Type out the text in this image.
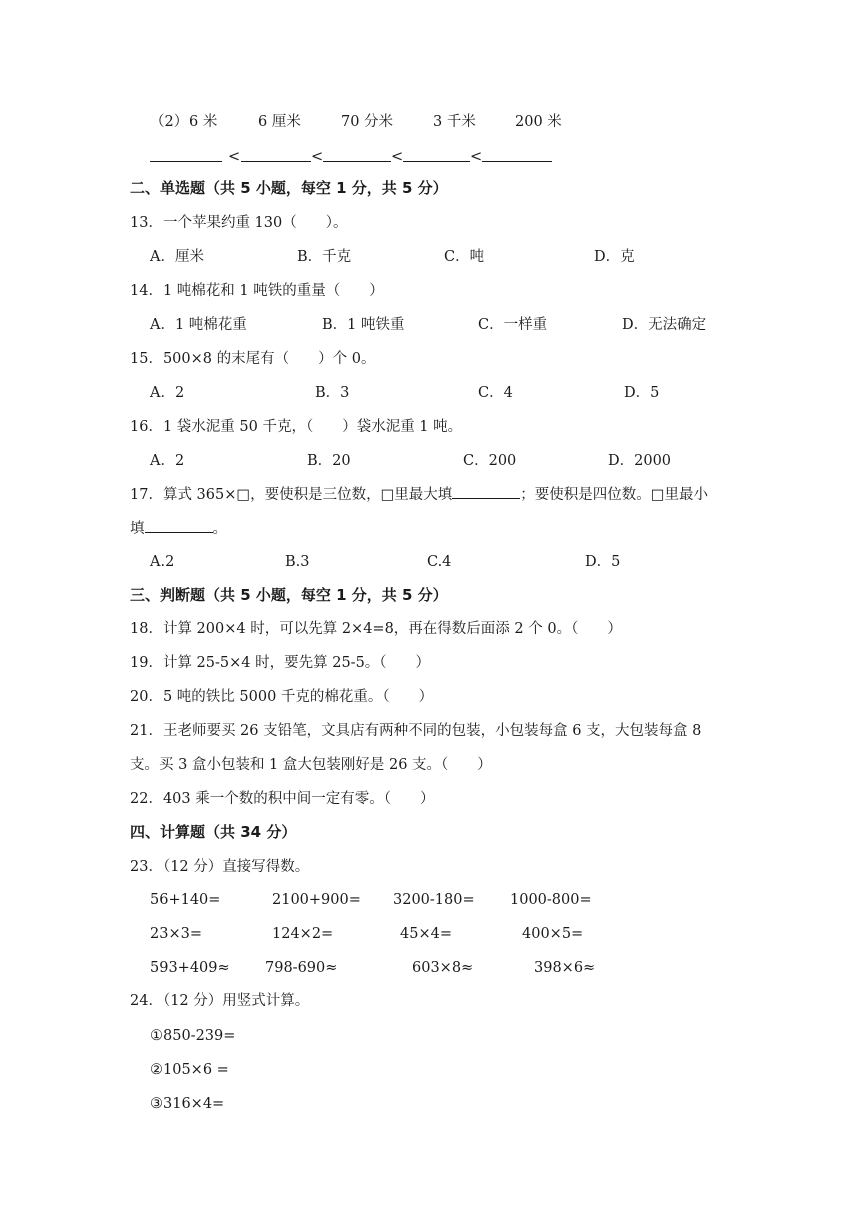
（2） 6 米	6 厘米	70 分米	3 千米	200 米
<	<	<	<
二、单选题（共 5 小题，每空 1 分，共 5 分）
13．一个苹果约重 130（　　）。
A．厘米	B．千克	C．吨	D．克
14．1 吨棉花和 1 吨铁的重量（　　）
A．1 吨棉花重	B．1 吨铁重	C．一样重	D．无法确定
15．500×8 的末尾有（　　）个 0。
A．2	B．3	C．4	D．5
16．1 袋水泥重 50 千克，（　　）袋水泥重 1 吨。
A．2	B．20	C．200	D．2000
17．算式 365×□，要使积是三位数，□里最大填	；要使积是四位数。□里最小
填	。
A.2	B.3	C.4	D．5
三、判断题（共 5 小题，每空 1 分，共 5 分）
18．计算 200×4 时，可以先算 2×4=8，再在得数后面添 2 个 0。（　　）
19．计算 25-5×4 时，要先算 25-5。（　　）
20．5 吨的铁比 5000 千克的棉花重。（　　）
21．王老师要买 26 支铅笔，文具店有两种不同的包装，小包装每盒 6 支，大包装每盒 8
支。买 3 盒小包装和 1 盒大包装刚好是 26 支。（　　）
22．403 乘一个数的积中间一定有零。（　　）
四、计算题（共 34 分）
23．（12 分）直接写得数。
56+140=	2100+900= 3200-180= 1000-800=
23×3=	124×2=	45×4=	400×5=
593+409≈ 798-690≈	603×8≈	398×6≈
24．（12 分）用竖式计算。
①850-239=
②105×6 =
③316×4=
